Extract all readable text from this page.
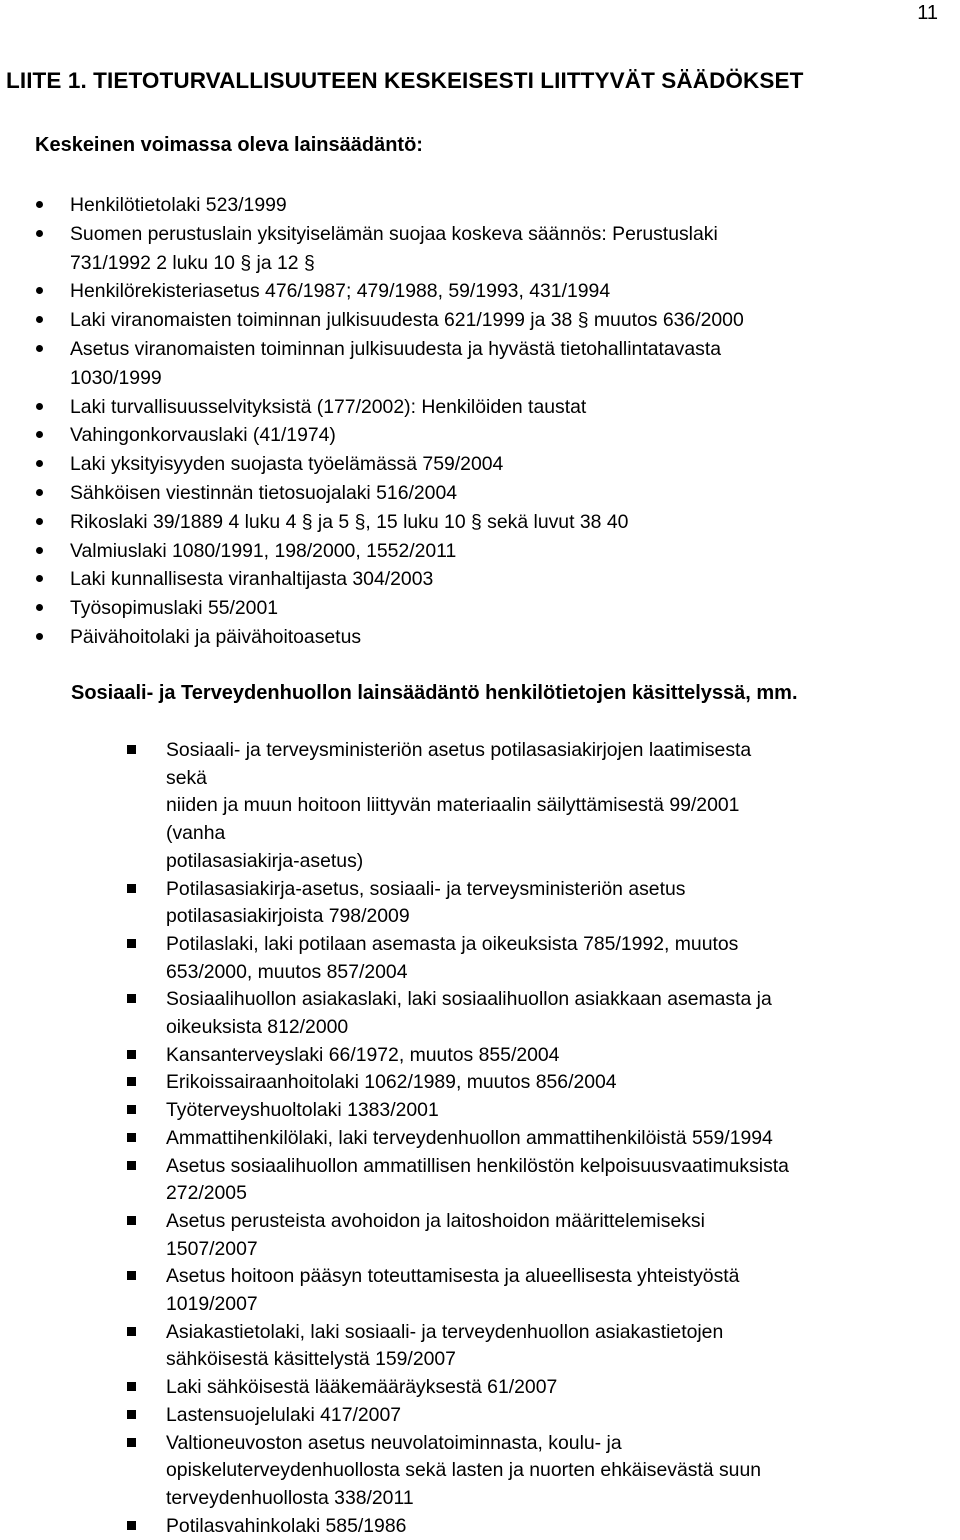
11
LIITE 1. TIETOTURVALLISUUTEEN KESKEISESTI LIITTYVÄT SÄÄDÖKSET
Keskeinen voimassa oleva lainsäädäntö:
Henkilötietolaki 523/1999
Suomen perustuslain yksityiselämän suojaa koskeva säännös: Perustuslaki
731/1992 2 luku 10 § ja 12 §
Henkilörekisteriasetus 476/1987; 479/1988, 59/1993, 431/1994
Laki viranomaisten toiminnan julkisuudesta 621/1999 ja 38 § muutos 636/2000
Asetus viranomaisten toiminnan julkisuudesta ja hyvästä tietohallintatavasta
1030/1999
Laki turvallisuusselvityksistä (177/2002): Henkilöiden taustat
Vahingonkorvauslaki (41/1974)
Laki yksityisyyden suojasta työelämässä 759/2004
Sähköisen viestinnän tietosuojalaki 516/2004
Rikoslaki 39/1889 4 luku 4 § ja 5 §, 15 luku 10 § sekä luvut 38 40
Valmiuslaki 1080/1991, 198/2000, 1552/2011
Laki kunnallisesta viranhaltijasta 304/2003
Työsopimuslaki 55/2001
Päivähoitolaki ja päivähoitoasetus
Sosiaali- ja Terveydenhuollon lainsäädäntö henkilötietojen käsittelyssä, mm.
Sosiaali- ja terveysministeriön asetus potilasasiakirjojen laatimisesta sekä
niiden ja muun hoitoon liittyvän materiaalin säilyttämisestä 99/2001 (vanha
potilasasiakirja-asetus)
Potilasasiakirja-asetus, sosiaali- ja terveysministeriön asetus
potilasasiakirjoista 798/2009
Potilaslaki, laki potilaan asemasta ja oikeuksista 785/1992, muutos
653/2000, muutos 857/2004
Sosiaalihuollon asiakaslaki, laki sosiaalihuollon asiakkaan asemasta ja
oikeuksista 812/2000
Kansanterveyslaki 66/1972, muutos 855/2004
Erikoissairaanhoitolaki 1062/1989, muutos 856/2004
Työterveyshuoltolaki 1383/2001
Ammattihenkilölaki, laki terveydenhuollon ammattihenkilöistä 559/1994
Asetus sosiaalihuollon ammatillisen henkilöstön kelpoisuusvaatimuksista
272/2005
Asetus perusteista avohoidon ja laitoshoidon määrittelemiseksi 1507/2007
Asetus hoitoon pääsyn toteuttamisesta ja alueellisesta yhteistyöstä
1019/2007
Asiakastietolaki, laki sosiaali- ja terveydenhuollon asiakastietojen
sähköisestä käsittelystä 159/2007
Laki sähköisestä lääkemääräyksestä 61/2007
Lastensuojelulaki 417/2007
Valtioneuvoston asetus neuvolatoiminnasta, koulu- ja
opiskeluterveydenhuollosta sekä lasten ja nuorten ehkäisevästä suun
terveydenhuollosta 338/2011
Potilasvahinkolaki 585/1986
